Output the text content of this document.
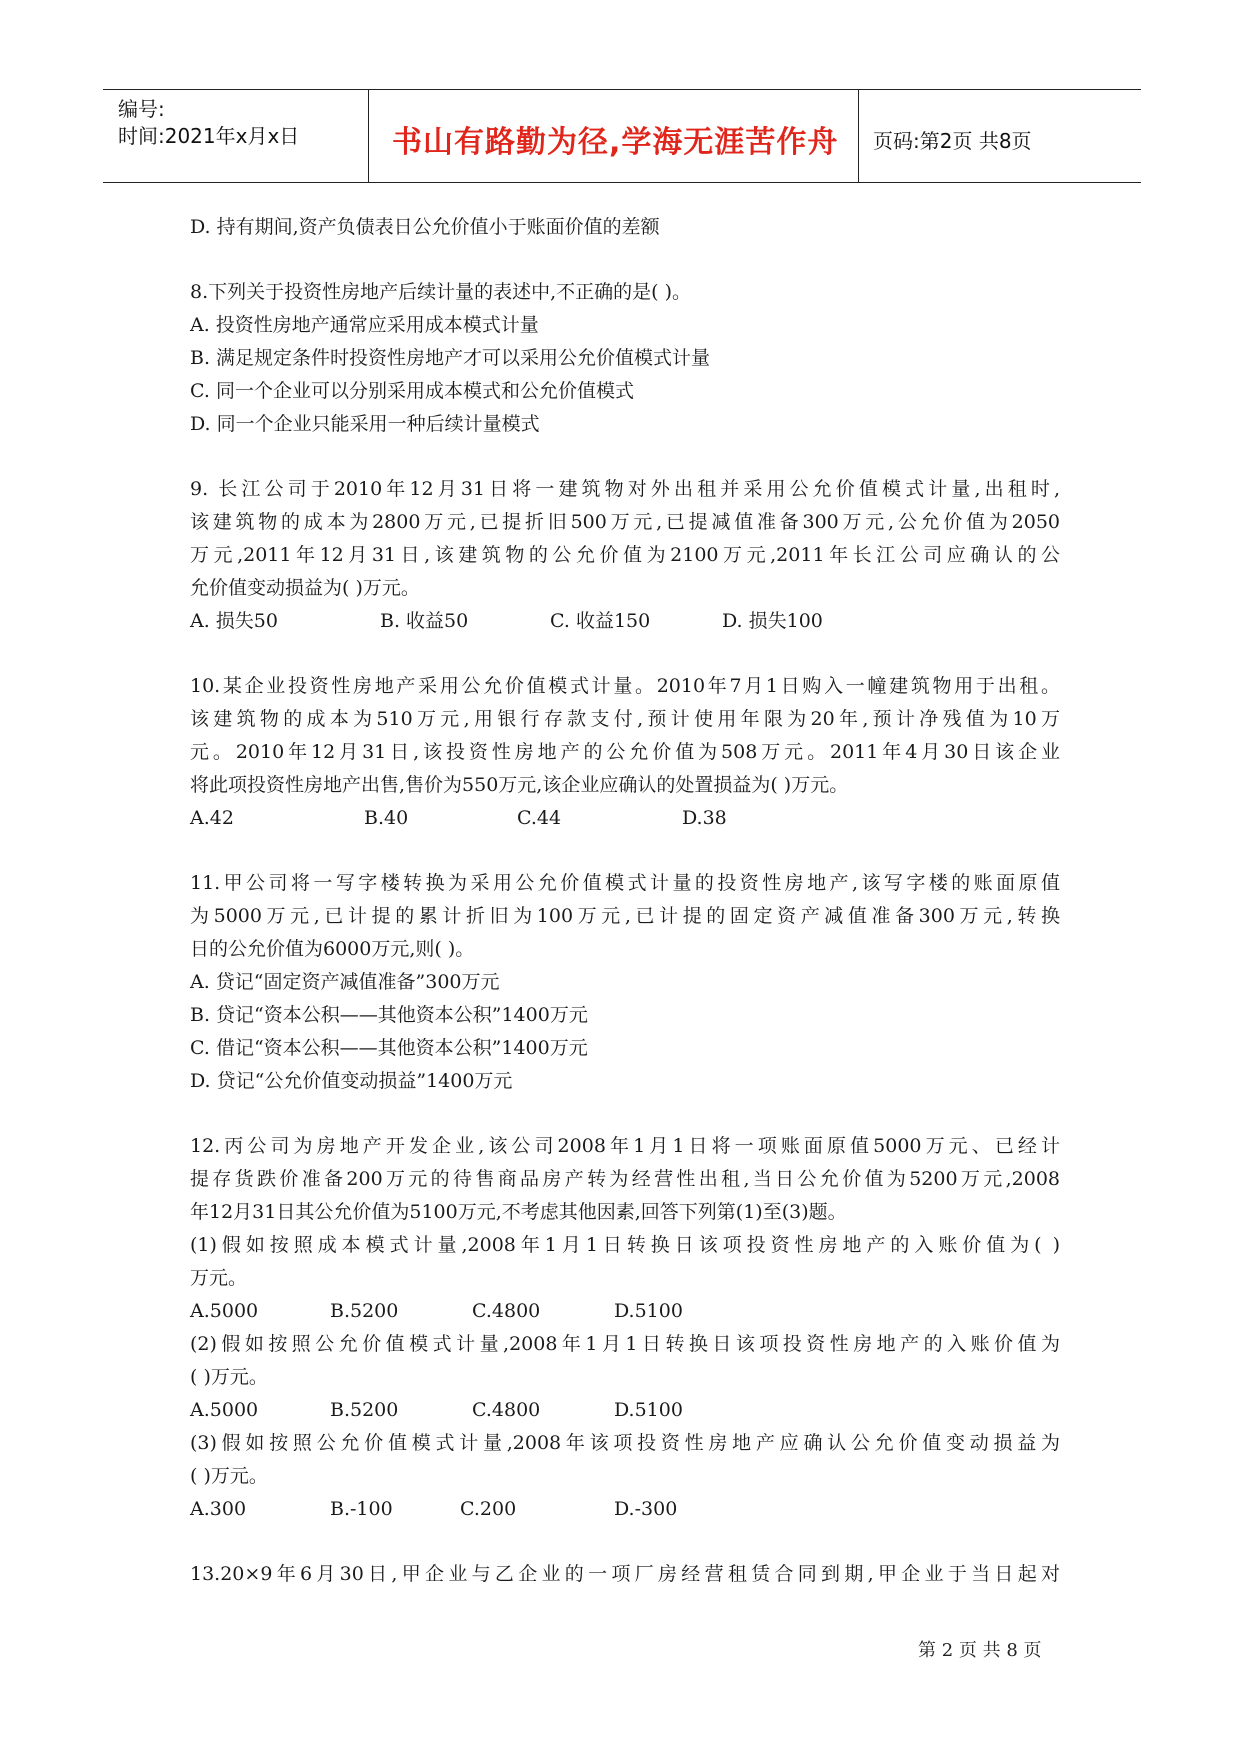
编号:
时间:2021年x月x日	书山有路勤为径,学海无涯苦作舟 页码:第2页 共8页
D. 持有期间,资产负债表日公允价值小于账面价值的差额
8.下列关于投资性房地产后续计量的表述中,不正确的是( )。
A. 投资性房地产通常应采用成本模式计量
B. 满足规定条件时投资性房地产才可以采用公允价值模式计量
C. 同一个企业可以分别采用成本模式和公允价值模式
D. 同一个企业只能采用一种后续计量模式
9. 长江公司于2010年12月31日将一建筑物对外出租并采用公允价值模式计量,出租时,
该建筑物的成本为2800万元,已提折旧500万元,已提减值准备300万元,公允价值为2050
万元,2011年12月31日,该建筑物的公允价值为2100万元,2011年长江公司应确认的公
允价值变动损益为( )万元。
A. 损失50	B. 收益50	C. 收益150	D. 损失100
10.某企业投资性房地产采用公允价值模式计量。2010年7月1日购入一幢建筑物用于出租。
该建筑物的成本为510万元,用银行存款支付,预计使用年限为20年,预计净残值为10万
元。2010年12月31日,该投资性房地产的公允价值为508万元。2011年4月30日该企业
将此项投资性房地产出售,售价为550万元,该企业应确认的处置损益为( )万元。
A.42	B.40	C.44	D.38
11.甲公司将一写字楼转换为采用公允价值模式计量的投资性房地产,该写字楼的账面原值
为5000万元,已计提的累计折旧为100万元,已计提的固定资产减值准备300万元,转换
日的公允价值为6000万元,则( )。
A. 贷记“固定资产减值准备”300万元
B. 贷记“资本公积——其他资本公积”1400万元
C. 借记“资本公积——其他资本公积”1400万元
D. 贷记“公允价值变动损益”1400万元
12.丙公司为房地产开发企业,该公司2008年1月1日将一项账面原值5000万元、已经计
提存货跌价准备200万元的待售商品房产转为经营性出租,当日公允价值为5200万元,2008
年12月31日其公允价值为5100万元,不考虑其他因素,回答下列第(1)至(3)题。
(1)假如按照成本模式计量,2008年1月1日转换日该项投资性房地产的入账价值为( )
万元。
A.5000	B.5200	C.4800	D.5100
(2)假如按照公允价值模式计量,2008年1月1日转换日该项投资性房地产的入账价值为
( )万元。
A.5000	B.5200	C.4800	D.5100
(3)假如按照公允价值模式计量,2008年该项投资性房地产应确认公允价值变动损益为
( )万元。
A.300	B.-100	C.200	D.-300
13.20×9年6月30日,甲企业与乙企业的一项厂房经营租赁合同到期,甲企业于当日起对
第 2 页 共 8 页
